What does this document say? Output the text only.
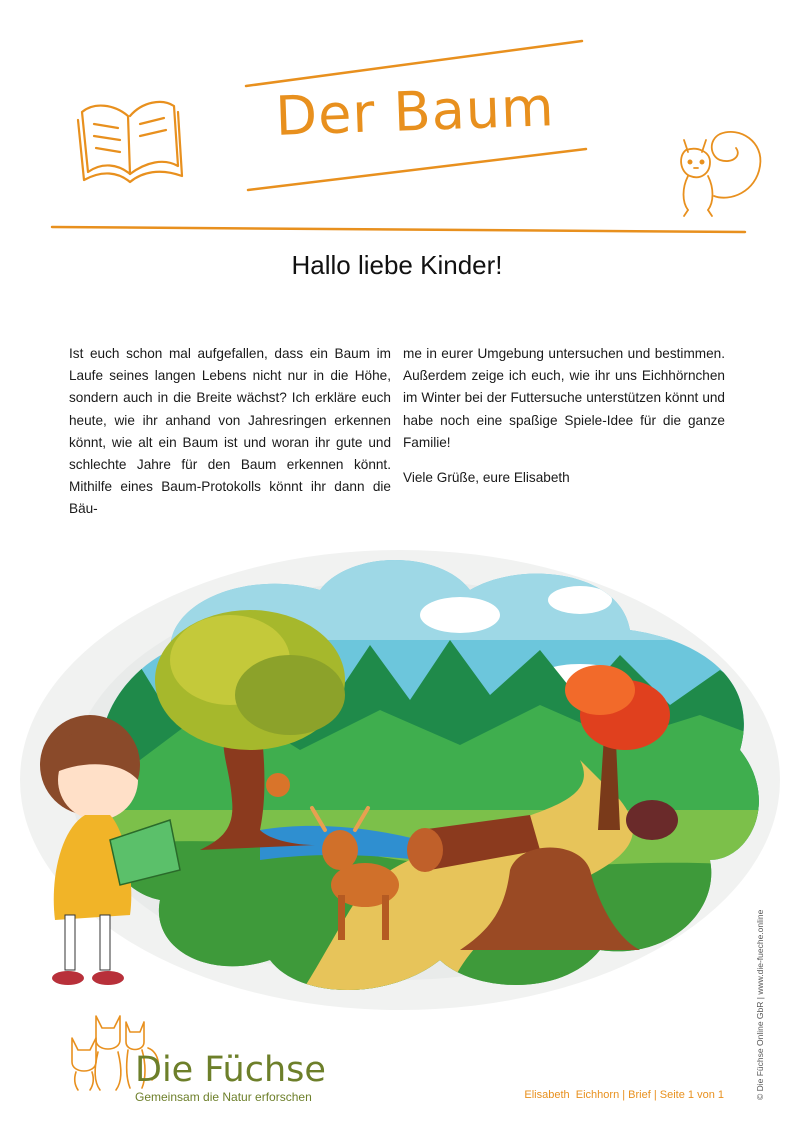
Der Baum
Hallo liebe Kinder!

Ist euch schon mal aufgefallen, dass ein Baum im Laufe seines langen Lebens nicht nur in die Höhe, sondern auch in die Breite wächst? Ich erkläre euch heute, wie ihr anhand von Jahresringen erkennen könnt, wie alt ein Baum ist und woran ihr gute und schlechte Jahre für den Baum erkennen könnt. Mithilfe eines Baum-Protokolls könnt ihr dann die Bäu-

me in eurer Umgebung untersuchen und bestimmen. Außerdem zeige ich euch, wie ihr uns Eichhörnchen im Winter bei der Futtersuche unterstützen könnt und habe noch eine spaßige Spiele-Idee für die ganze Familie!

Viele Grüße, eure Elisabeth

Die Füchse
Gemeinsam die Natur erforschen	Elisabeth  Eichhorn | Brief | Seite 1 von 1	© Die Füchse Online GbR | www.die-fueche.online
